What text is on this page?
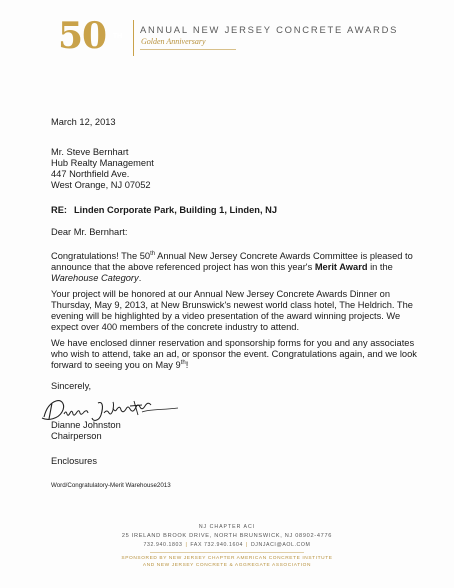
50 TH
ANNUAL NEW JERSEY CONCRETE AWARDS
Golden Anniversary
March 12, 2013
Mr. Steve Bernhart
Hub Realty Management
447 Northfield Ave.
West Orange, NJ 07052
RE: Linden Corporate Park, Building 1, Linden, NJ
Dear Mr. Bernhart:
Congratulations! The 50th Annual New Jersey Concrete Awards Committee is pleased to announce that the above referenced project has won this year's Merit Award in the Warehouse Category.
Your project will be honored at our Annual New Jersey Concrete Awards Dinner on Thursday, May 9, 2013, at New Brunswick's newest world class hotel, The Heldrich. The evening will be highlighted by a video presentation of the award winning projects. We expect over 400 members of the concrete industry to attend.
We have enclosed dinner reservation and sponsorship forms for you and any associates who wish to attend, take an ad, or sponsor the event. Congratulations again, and we look forward to seeing you on May 9th!
Sincerely,
Dianne Johnston
Chairperson
Enclosures
Word/Congratulatory-Merit Warehouse2013
NJ CHAPTER ACI
25 IRELAND BROOK DRIVE, NORTH BRUNSWICK, NJ 08902-4776
732.940.1803 | FAX 732.940.1604 | DJNJACI@AOL.COM
SPONSORED BY NEW JERSEY CHAPTER AMERICAN CONCRETE INSTITUTE
AND NEW JERSEY CONCRETE & AGGREGATE ASSOCIATION
